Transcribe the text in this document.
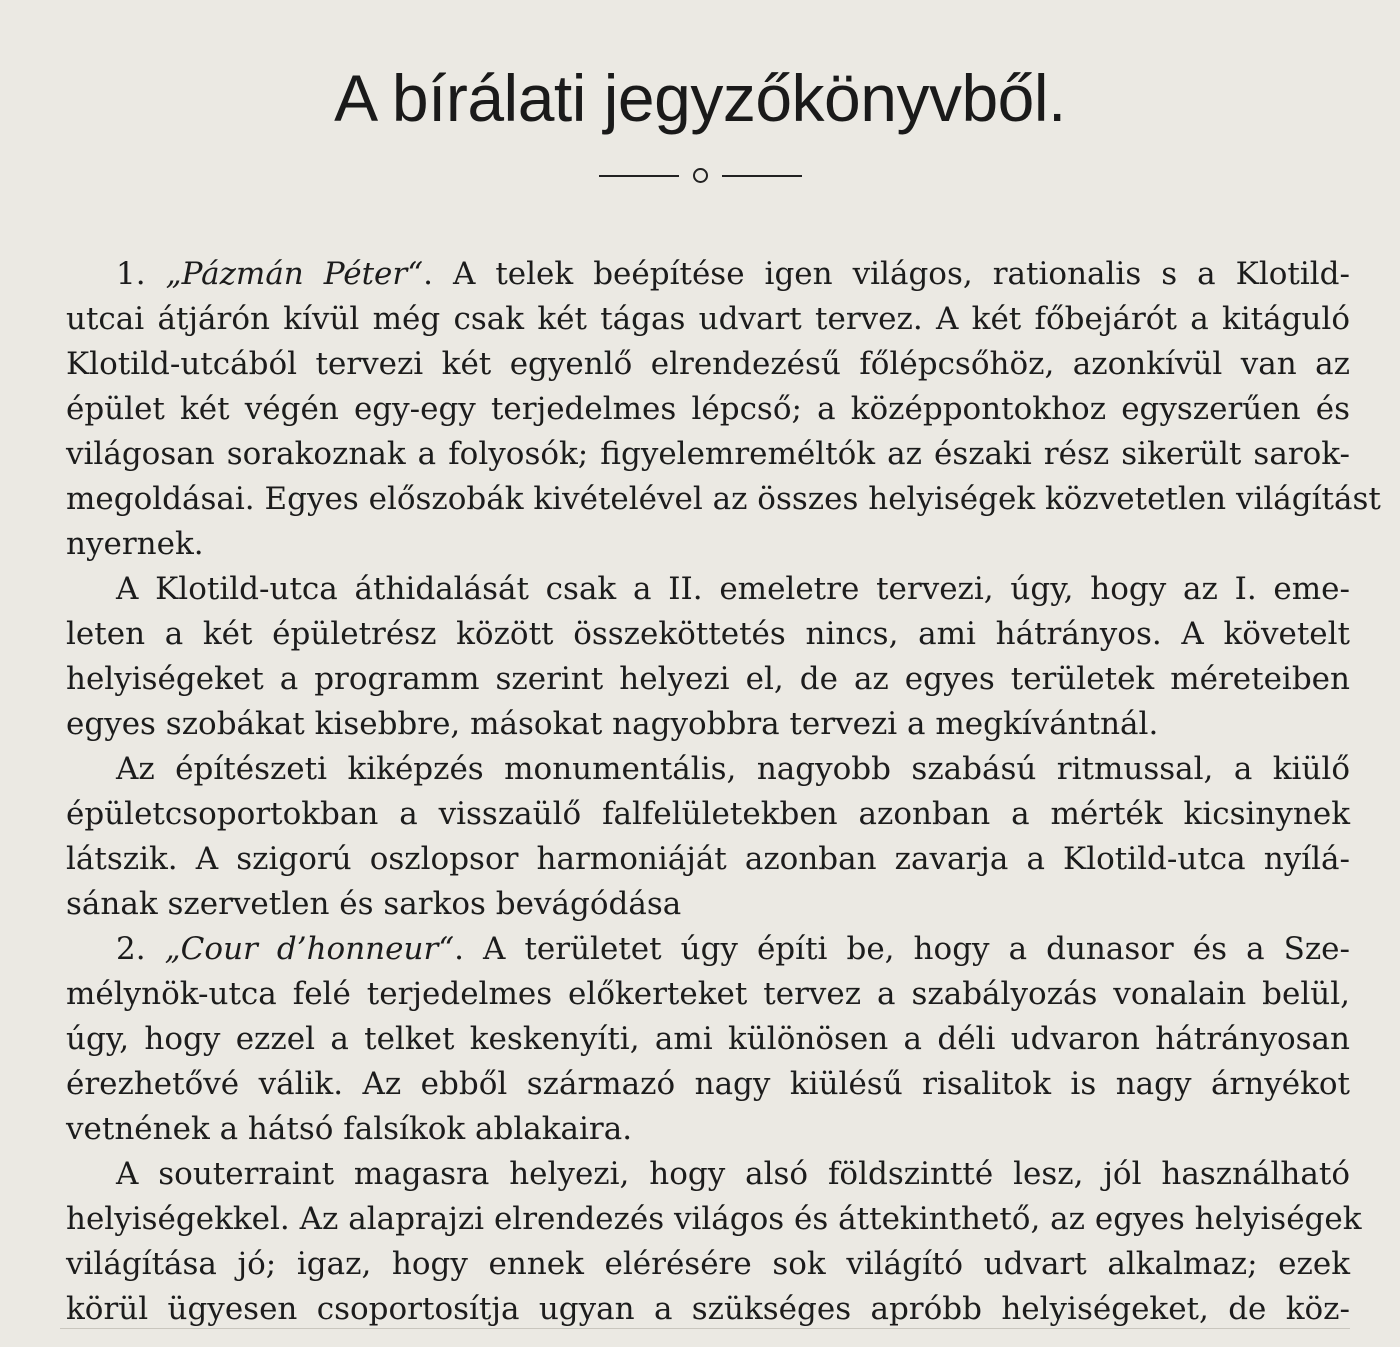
A bírálati jegyzőkönyvből.
1. „Pázmán Péter“. A telek beépítése igen világos, rationalis s a Klotild-
utcai átjárón kívül még csak két tágas udvart tervez. A két főbejárót a kitáguló
Klotild-utcából tervezi két egyenlő elrendezésű főlépcsőhöz, azonkívül van az
épület két végén egy-egy terjedelmes lépcső; a középpontokhoz egyszerűen és
világosan sorakoznak a folyosók; figyelemreméltók az északi rész sikerült sarok-
megoldásai. Egyes előszobák kivételével az összes helyiségek közvetetlen világítást
nyernek.
A Klotild-utca áthidalását csak a II. emeletre tervezi, úgy, hogy az I. eme-
leten a két épületrész között összeköttetés nincs, ami hátrányos. A követelt
helyiségeket a programm szerint helyezi el, de az egyes területek méreteiben
egyes szobákat kisebbre, másokat nagyobbra tervezi a megkívántnál.
Az építészeti kiképzés monumentális, nagyobb szabású ritmussal, a kiülő
épületcsoportokban a visszaülő falfelületekben azonban a mérték kicsinynek
látszik. A szigorú oszlopsor harmoniáját azonban zavarja a Klotild-utca nyílá-
sának szervetlen és sarkos bevágódása
2. „Cour d’honneur“. A területet úgy építi be, hogy a dunasor és a Sze-
mélynök-utca felé terjedelmes előkerteket tervez a szabályozás vonalain belül,
úgy, hogy ezzel a telket keskenyíti, ami különösen a déli udvaron hátrányosan
érezhetővé válik. Az ebből származó nagy kiülésű risalitok is nagy árnyékot
vetnének a hátsó falsíkok ablakaira.
A souterraint magasra helyezi, hogy alsó földszintté lesz, jól használható
helyiségekkel. Az alaprajzi elrendezés világos és áttekinthető, az egyes helyiségek
világítása jó; igaz, hogy ennek elérésére sok világító udvart alkalmaz; ezek
körül ügyesen csoportosítja ugyan a szükséges apróbb helyiségeket, de köz-
